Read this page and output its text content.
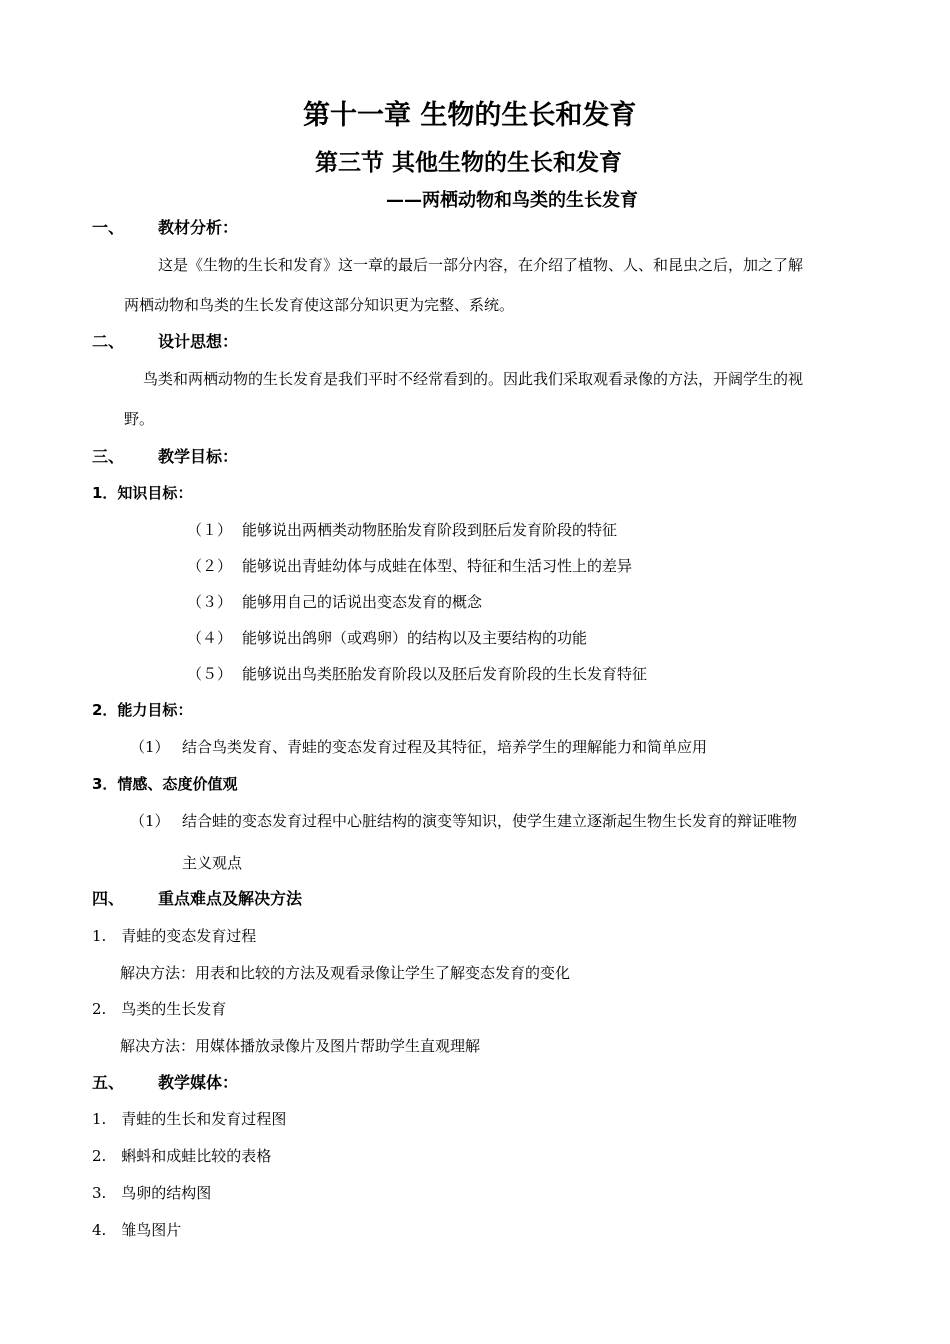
第十一章 生物的生长和发育
第三节 其他生物的生长和发育
——两栖动物和鸟类的生长发育
一、 教材分析：
这是《生物的生长和发育》这一章的最后一部分内容，在介绍了植物、人、和昆虫之后，加之了解
两栖动物和鸟类的生长发育使这部分知识更为完整、系统。
二、 设计思想：
鸟类和两栖动物的生长发育是我们平时不经常看到的。因此我们采取观看录像的方法，开阔学生的视
野。
三、 教学目标：
1．知识目标：
（１） 能够说出两栖类动物胚胎发育阶段到胚后发育阶段的特征
（２） 能够说出青蛙幼体与成蛙在体型、特征和生活习性上的差异
（３） 能够用自己的话说出变态发育的概念
（４） 能够说出鸽卵（或鸡卵）的结构以及主要结构的功能
（５） 能够说出鸟类胚胎发育阶段以及胚后发育阶段的生长发育特征
2．能力目标：
（1） 结合鸟类发育、青蛙的变态发育过程及其特征，培养学生的理解能力和简单应用
3．情感、态度价值观
（1） 结合蛙的变态发育过程中心脏结构的演变等知识，使学生建立逐渐起生物生长发育的辩证唯物
主义观点
四、 重点难点及解决方法
1.　青蛙的变态发育过程
解决方法：用表和比较的方法及观看录像让学生了解变态发育的变化
2.　鸟类的生长发育
解决方法：用媒体播放录像片及图片帮助学生直观理解
五、 教学媒体：
1.　青蛙的生长和发育过程图
2.　蝌蚪和成蛙比较的表格
3.　鸟卵的结构图
4.　雏鸟图片
